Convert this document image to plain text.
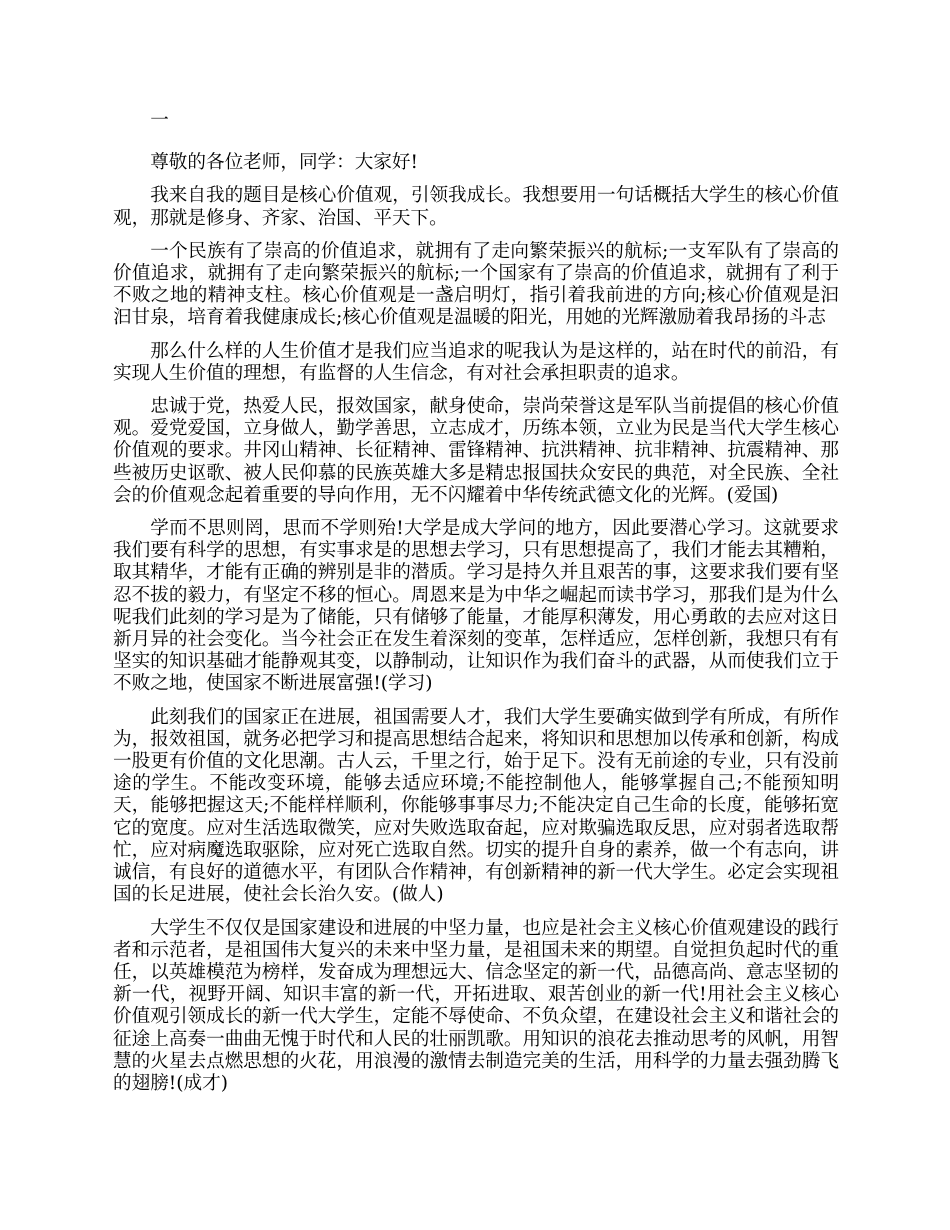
一

尊敬的各位老师，同学：大家好!

我来自我的题目是核心价值观，引领我成长。我想要用一句话概括大学生的核心价值观，那就是修身、齐家、治国、平天下。

一个民族有了崇高的价值追求，就拥有了走向繁荣振兴的航标;一支军队有了崇高的价值追求，就拥有了走向繁荣振兴的航标;一个国家有了崇高的价值追求，就拥有了利于不败之地的精神支柱。核心价值观是一盏启明灯，指引着我前进的方向;核心价值观是汩汩甘泉，培育着我健康成长;核心价值观是温暖的阳光，用她的光辉激励着我昂扬的斗志

那么什么样的人生价值才是我们应当追求的呢我认为是这样的，站在时代的前沿，有实现人生价值的理想，有监督的人生信念，有对社会承担职责的追求。

忠诚于党，热爱人民，报效国家，献身使命，崇尚荣誉这是军队当前提倡的核心价值观。爱党爱国，立身做人，勤学善思，立志成才，历练本领，立业为民是当代大学生核心价值观的要求。井冈山精神、长征精神、雷锋精神、抗洪精神、抗非精神、抗震精神、那些被历史讴歌、被人民仰慕的民族英雄大多是精忠报国扶众安民的典范，对全民族、全社会的价值观念起着重要的导向作用，无不闪耀着中华传统武德文化的光辉。(爱国)

学而不思则罔，思而不学则殆!大学是成大学问的地方，因此要潜心学习。这就要求我们要有科学的思想，有实事求是的思想去学习，只有思想提高了，我们才能去其糟粕，取其精华，才能有正确的辨别是非的潜质。学习是持久并且艰苦的事，这要求我们要有坚忍不拔的毅力，有坚定不移的恒心。周恩来是为中华之崛起而读书学习，那我们是为什么呢我们此刻的学习是为了储能，只有储够了能量，才能厚积薄发，用心勇敢的去应对这日新月异的社会变化。当今社会正在发生着深刻的变革，怎样适应，怎样创新，我想只有有坚实的知识基础才能静观其变，以静制动，让知识作为我们奋斗的武器，从而使我们立于不败之地，使国家不断进展富强!(学习)

此刻我们的国家正在进展，祖国需要人才，我们大学生要确实做到学有所成，有所作为，报效祖国，就务必把学习和提高思想结合起来，将知识和思想加以传承和创新，构成一股更有价值的文化思潮。古人云，千里之行，始于足下。没有无前途的专业，只有没前途的学生。不能改变环境，能够去适应环境;不能控制他人，能够掌握自己;不能预知明天，能够把握这天;不能样样顺利，你能够事事尽力;不能决定自己生命的长度，能够拓宽它的宽度。应对生活选取微笑，应对失败选取奋起，应对欺骗选取反思，应对弱者选取帮忙，应对病魔选取驱除，应对死亡选取自然。切实的提升自身的素养，做一个有志向，讲诚信，有良好的道德水平，有团队合作精神，有创新精神的新一代大学生。必定会实现祖国的长足进展，使社会长治久安。(做人)

大学生不仅仅是国家建设和进展的中坚力量，也应是社会主义核心价值观建设的践行者和示范者，是祖国伟大复兴的未来中坚力量，是祖国未来的期望。自觉担负起时代的重任，以英雄模范为榜样，发奋成为理想远大、信念坚定的新一代，品德高尚、意志坚韧的新一代，视野开阔、知识丰富的新一代，开拓进取、艰苦创业的新一代!用社会主义核心价值观引领成长的新一代大学生，定能不辱使命、不负众望，在建设社会主义和谐社会的征途上高奏一曲曲无愧于时代和人民的壮丽凯歌。用知识的浪花去推动思考的风帆，用智慧的火星去点燃思想的火花，用浪漫的激情去制造完美的生活，用科学的力量去强劲腾飞的翅膀!(成才)
